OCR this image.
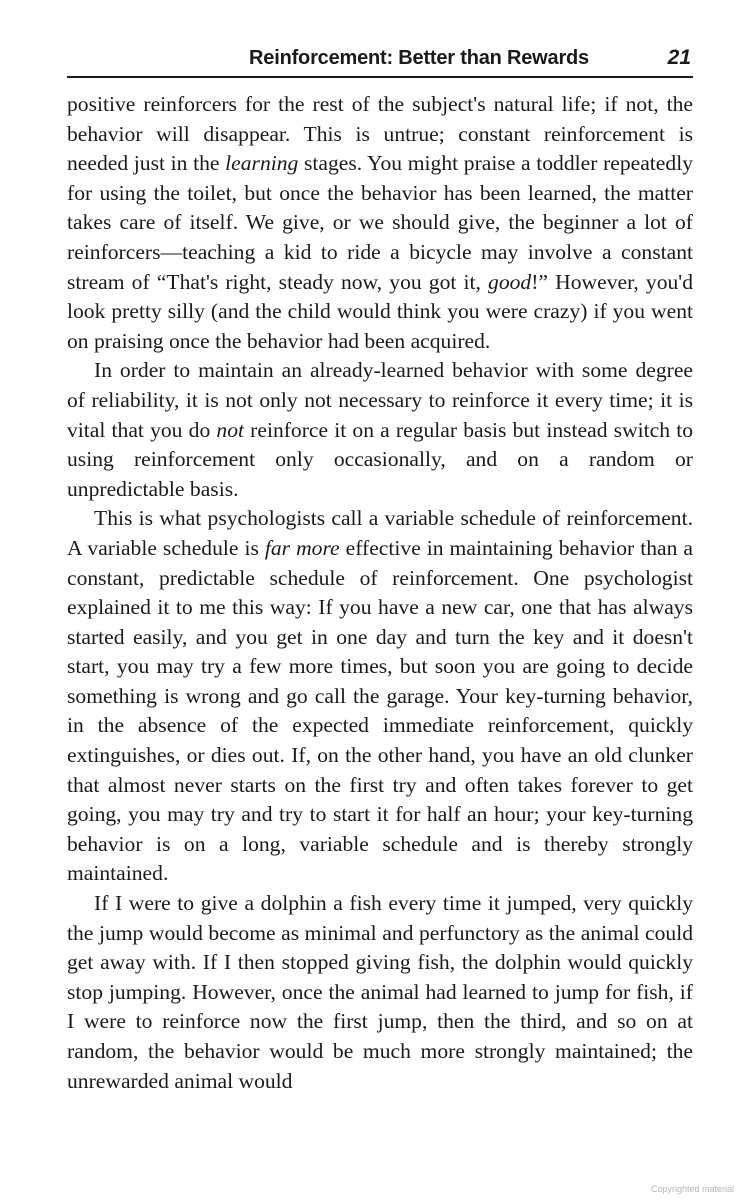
Reinforcement: Better than Rewards	21

positive reinforcers for the rest of the subject's natural life; if not, the behavior will disappear. This is untrue; constant reinforcement is needed just in the learning stages. You might praise a toddler repeatedly for using the toilet, but once the behavior has been learned, the matter takes care of itself. We give, or we should give, the beginner a lot of reinforcers—teaching a kid to ride a bicycle may involve a constant stream of “That's right, steady now, you got it, good!” However, you'd look pretty silly (and the child would think you were crazy) if you went on praising once the behavior had been acquired.

In order to maintain an already-learned behavior with some degree of reliability, it is not only not necessary to reinforce it every time; it is vital that you do not reinforce it on a regular basis but instead switch to using reinforcement only occasionally, and on a random or unpredictable basis.

This is what psychologists call a variable schedule of reinforcement. A variable schedule is far more effective in maintaining behavior than a constant, predictable schedule of reinforcement. One psychologist explained it to me this way: If you have a new car, one that has always started easily, and you get in one day and turn the key and it doesn't start, you may try a few more times, but soon you are going to decide something is wrong and go call the garage. Your key-turning behavior, in the absence of the expected immediate reinforcement, quickly extinguishes, or dies out. If, on the other hand, you have an old clunker that almost never starts on the first try and often takes forever to get going, you may try and try to start it for half an hour; your key-turning behavior is on a long, variable schedule and is thereby strongly maintained.

If I were to give a dolphin a fish every time it jumped, very quickly the jump would become as minimal and perfunctory as the animal could get away with. If I then stopped giving fish, the dolphin would quickly stop jumping. However, once the animal had learned to jump for fish, if I were to reinforce now the first jump, then the third, and so on at random, the behavior would be much more strongly maintained; the unrewarded animal would

Copyrighted material
